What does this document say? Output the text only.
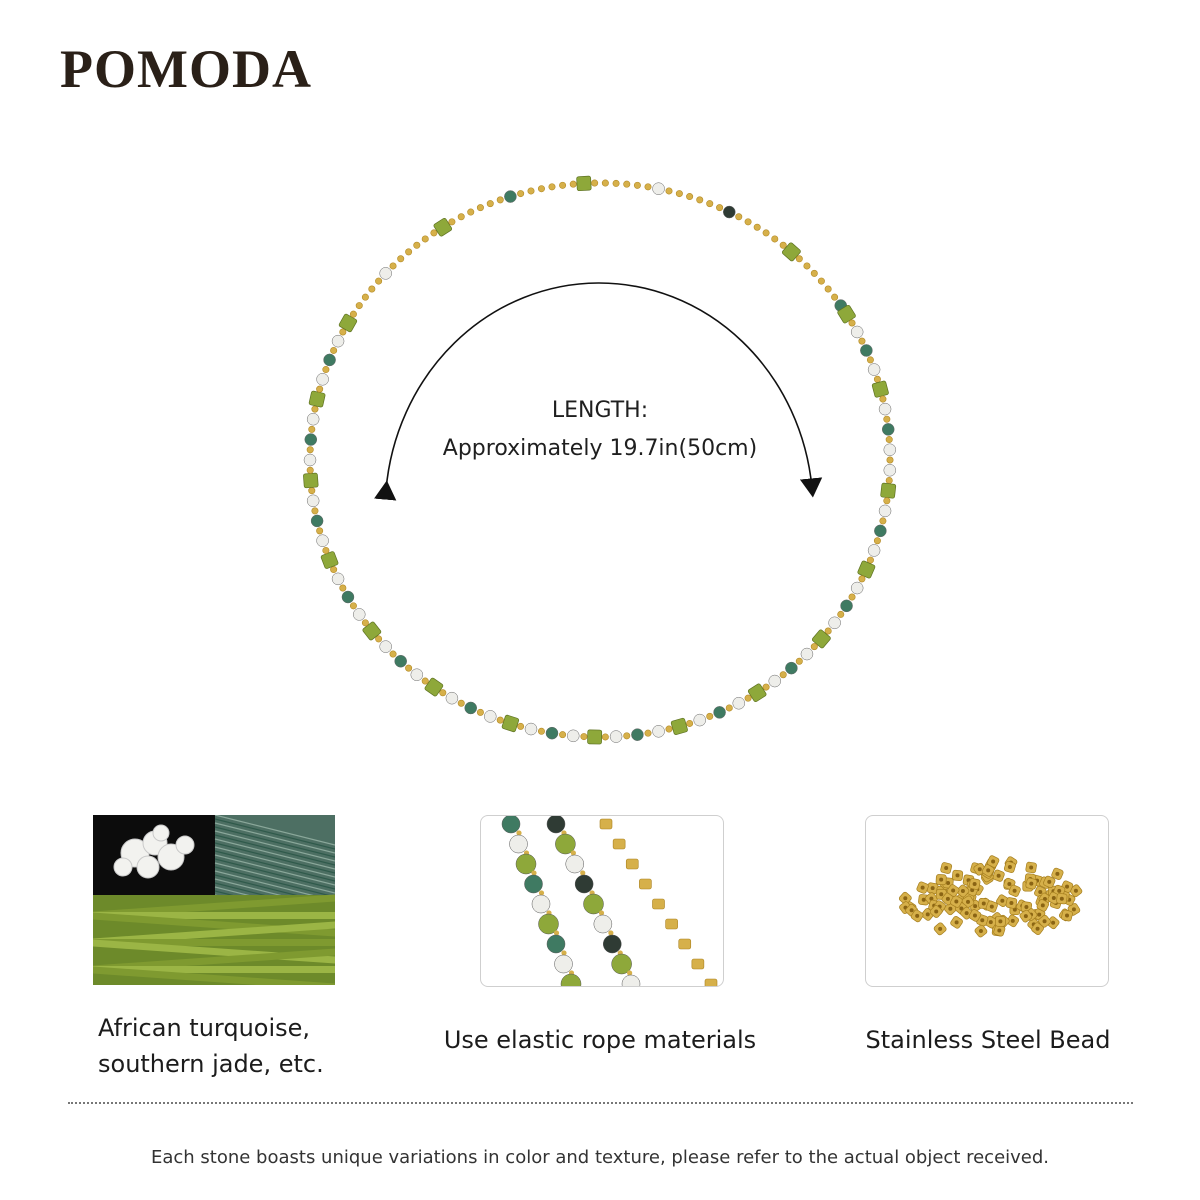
POMODA

LENGTH:

Approximately 19.7in(50cm)

African turquoise,
southern jade, etc.
Use elastic rope materials	Stainless Steel Bead

Each stone boasts unique variations in color and texture, please refer to the actual object received.
